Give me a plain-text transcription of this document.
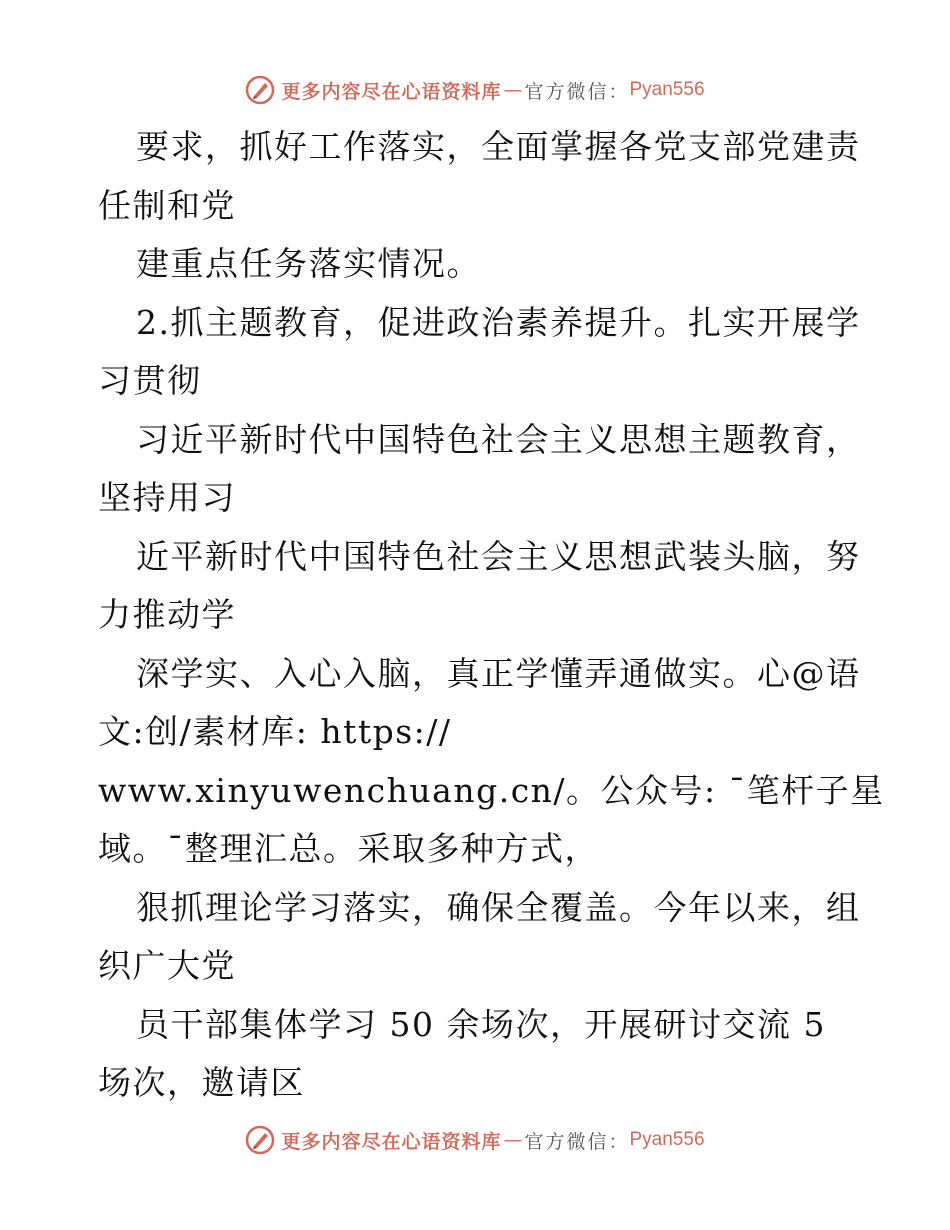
更多内容尽在心语资料库 — 官方微信： Pyan556
要求，抓好工作落实，全面掌握各党支部党建责
任制和党
建重点任务落实情况。
2.抓主题教育，促进政治素养提升。扎实开展学
习贯彻
习近平新时代中国特色社会主义思想主题教育，
坚持用习
近平新时代中国特色社会主义思想武装头脑，努
力推动学
深学实、入心入脑，真正学懂弄通做实。心@语
文:创/素材库: https://
www.xinyuwenchuang.cn/。公众号: ¯笔杆子星
域。¯整理汇总。采取多种方式，
狠抓理论学习落实，确保全覆盖。今年以来，组
织广大党
员干部集体学习 50 余场次，开展研讨交流 5
场次，邀请区
更多内容尽在心语资料库 — 官方微信： Pyan556
